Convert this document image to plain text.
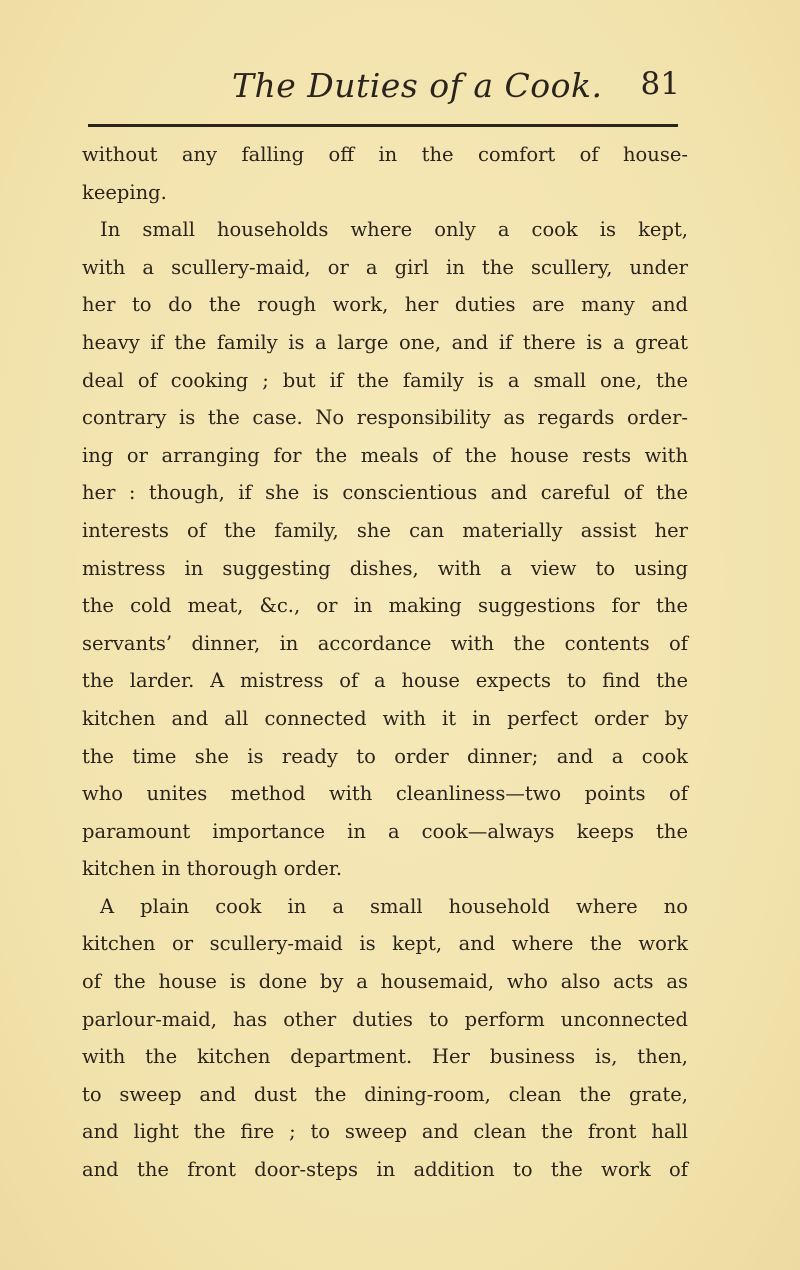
The Duties of a Cook. 81
without any falling off in the comfort of house-
keeping.
In small households where only a cook is kept,
with a scullery-maid, or a girl in the scullery, under
her to do the rough work, her duties are many and
heavy if the family is a large one, and if there is a great
deal of cooking ; but if the family is a small one, the
contrary is the case. No responsibility as regards order-
ing or arranging for the meals of the house rests with
her : though, if she is conscientious and careful of the
interests of the family, she can materially assist her
mistress in suggesting dishes, with a view to using
the cold meat, &c., or in making suggestions for the
servants’ dinner, in accordance with the contents of
the larder. A mistress of a house expects to find the
kitchen and all connected with it in perfect order by
the time she is ready to order dinner; and a cook
who unites method with cleanliness—two points of
paramount importance in a cook—always keeps the
kitchen in thorough order.
A plain cook in a small household where no
kitchen or scullery-maid is kept, and where the work
of the house is done by a housemaid, who also acts as
parlour-maid, has other duties to perform unconnected
with the kitchen department. Her business is, then,
to sweep and dust the dining-room, clean the grate,
and light the fire ; to sweep and clean the front hall
and the front door-steps in addition to the work of
